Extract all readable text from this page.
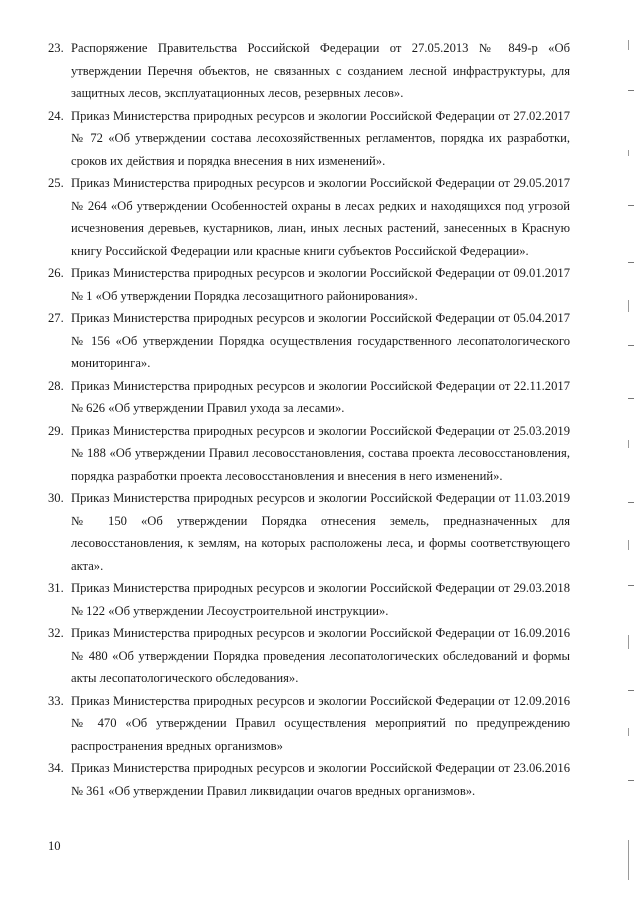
23. Распоряжение Правительства Российской Федерации от 27.05.2013 № 849-р «Об утверждении Перечня объектов, не связанных с созданием лесной инфраструктуры, для защитных лесов, эксплуатационных лесов, резервных лесов».
24. Приказ Министерства природных ресурсов и экологии Российской Федерации от 27.02.2017 № 72 «Об утверждении состава лесохозяйственных регламентов, порядка их разработки, сроков их действия и порядка внесения в них изменений».
25. Приказ Министерства природных ресурсов и экологии Российской Федерации от 29.05.2017 № 264 «Об утверждении Особенностей охраны в лесах редких и находящихся под угрозой исчезновения деревьев, кустарников, лиан, иных лесных растений, занесенных в Красную книгу Российской Федерации или красные книги субъектов Российской Федерации».
26. Приказ Министерства природных ресурсов и экологии Российской Федерации от 09.01.2017 № 1 «Об утверждении Порядка лесозащитного районирования».
27. Приказ Министерства природных ресурсов и экологии Российской Федерации от 05.04.2017 № 156 «Об утверждении Порядка осуществления государственного лесопатологического мониторинга».
28. Приказ Министерства природных ресурсов и экологии Российской Федерации от 22.11.2017 № 626 «Об утверждении Правил ухода за лесами».
29. Приказ Министерства природных ресурсов и экологии Российской Федерации от 25.03.2019 № 188 «Об утверждении Правил лесовосстановления, состава проекта лесовосстановления, порядка разработки проекта лесовосстановления и внесения в него изменений».
30. Приказ Министерства природных ресурсов и экологии Российской Федерации от 11.03.2019 № 150 «Об утверждении Порядка отнесения земель, предназначенных для лесовосстановления, к землям, на которых расположены леса, и формы соответствующего акта».
31. Приказ Министерства природных ресурсов и экологии Российской Федерации от 29.03.2018 № 122 «Об утверждении Лесоустроительной инструкции».
32. Приказ Министерства природных ресурсов и экологии Российской Федерации от 16.09.2016 № 480 «Об утверждении Порядка проведения лесопатологических обследований и формы акты лесопатологического обследования».
33. Приказ Министерства природных ресурсов и экологии Российской Федерации от 12.09.2016 № 470 «Об утверждении Правил осуществления мероприятий по предупреждению распространения вредных организмов»
34. Приказ Министерства природных ресурсов и экологии Российской Федерации от 23.06.2016 № 361 «Об утверждении Правил ликвидации очагов вредных организмов».
10
